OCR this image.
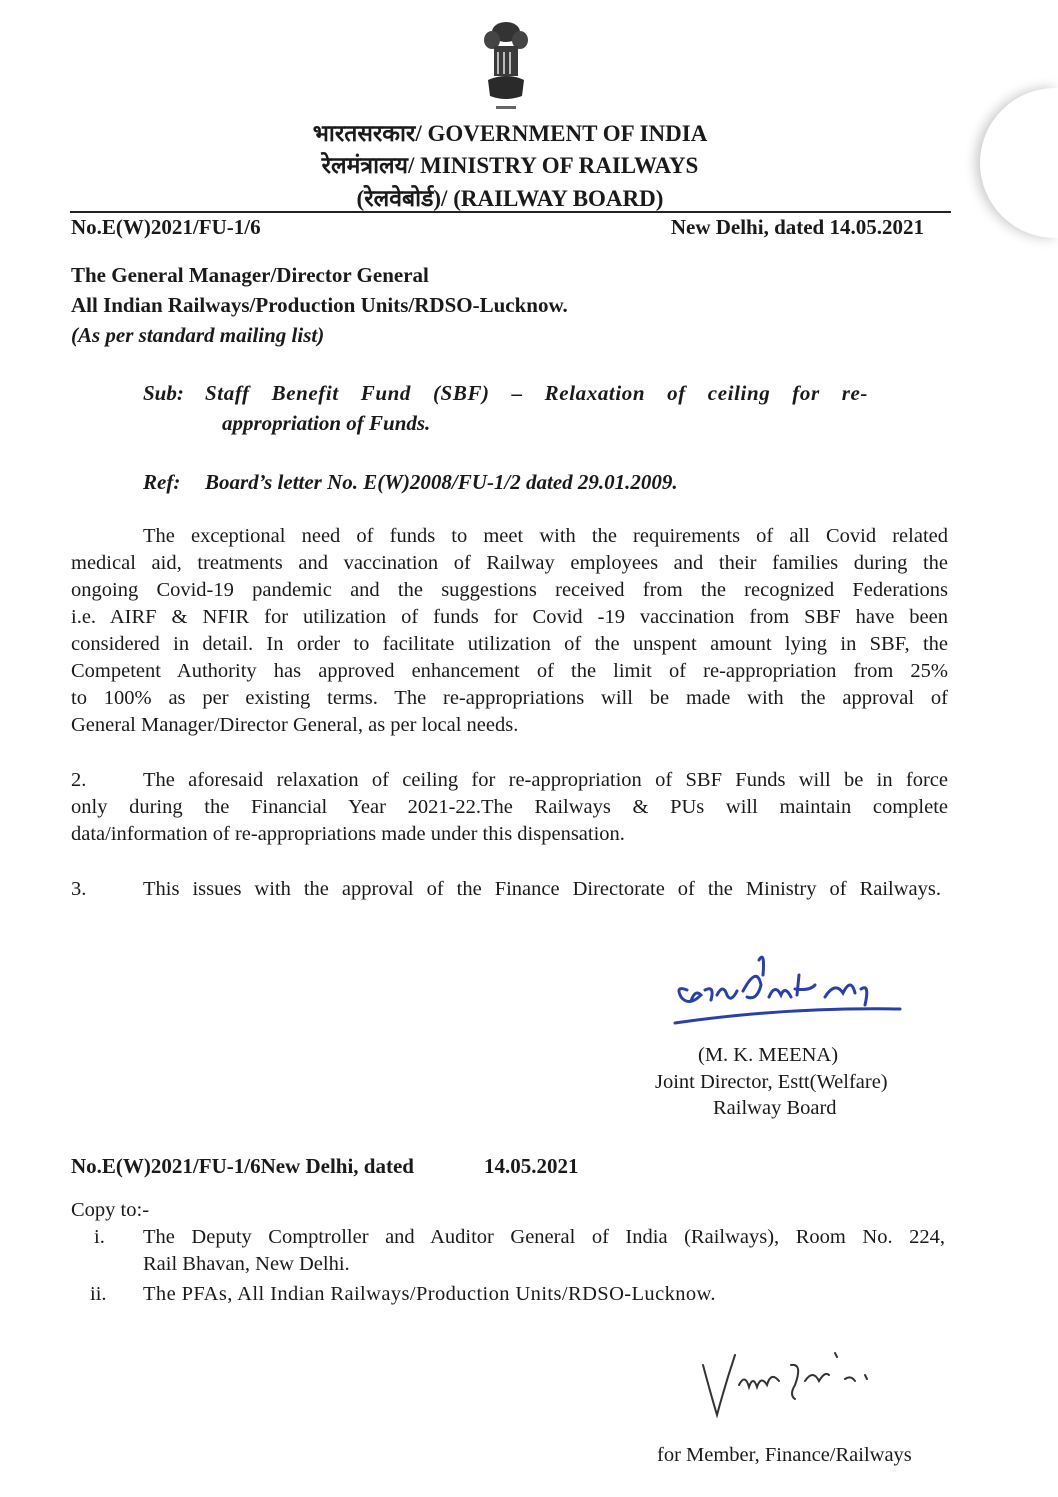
भारतसरकार/ GOVERNMENT OF INDIA
रेलमंत्रालय/ MINISTRY OF RAILWAYS
(रेलवेबोर्ड)/ (RAILWAY BOARD)
No.E(W)2021/FU-1/6	New Delhi, dated 14.05.2021
The General Manager/Director General
All Indian Railways/Production Units/RDSO-Lucknow.
(As per standard mailing list)
Sub: Staff Benefit Fund (SBF) – Relaxation of ceiling for re-
appropriation of Funds.
Ref: Board’s letter No. E(W)2008/FU-1/2 dated 29.01.2009.
The exceptional need of funds to meet with the requirements of all Covid related
medical aid, treatments and vaccination of Railway employees and their families during the
ongoing Covid-19 pandemic and the suggestions received from the recognized Federations
i.e. AIRF & NFIR for utilization of funds for Covid -19 vaccination from SBF have been
considered in detail. In order to facilitate utilization of the unspent amount lying in SBF, the
Competent Authority has approved enhancement of the limit of re-appropriation from 25%
to 100% as per existing terms. The re-appropriations will be made with the approval of
General Manager/Director General, as per local needs.
2.	The aforesaid relaxation of ceiling for re-appropriation of SBF Funds will be in force
only during the Financial Year 2021-22.The Railways & PUs will maintain complete
data/information of re-appropriations made under this dispensation.
3.	This issues with the approval of the Finance Directorate of the Ministry of Railways.
(M. K. MEENA)
Joint Director, Estt(Welfare)
Railway Board
No.E(W)2021/FU-1/6New Delhi, dated	14.05.2021
Copy to:-
i. The Deputy Comptroller and Auditor General of India (Railways), Room No. 224,
Rail Bhavan, New Delhi.
ii. The PFAs, All Indian Railways/Production Units/RDSO-Lucknow.
for Member, Finance/Railways
